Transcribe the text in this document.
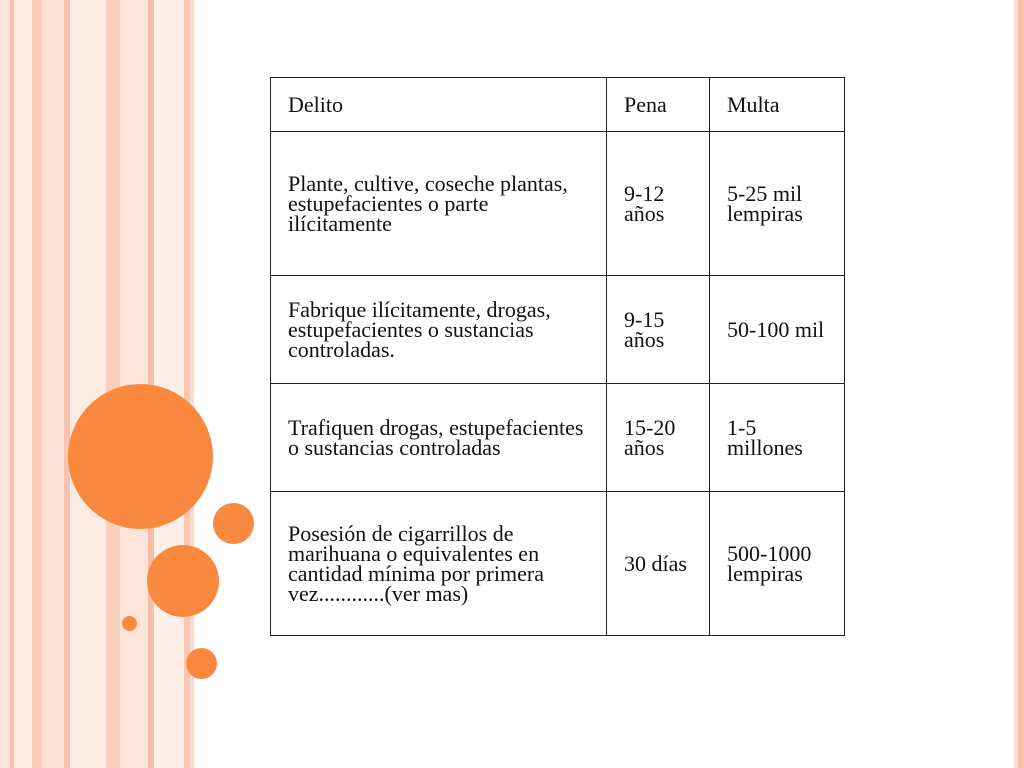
Delito	Pena	Multa
Plante, cultive, coseche plantas, estupefacientes o parte ilícitamente	9-12 años	5-25 mil lempiras
Fabrique ilícitamente, drogas, estupefacientes o sustancias controladas.	9-15 años	50-100 mil
Trafiquen drogas, estupefacientes o sustancias controladas	15-20 años	1-5 millones
Posesión de cigarrillos de marihuana o equivalentes en cantidad mínima por primera vez............(ver mas)	30 días	500-1000 lempiras
